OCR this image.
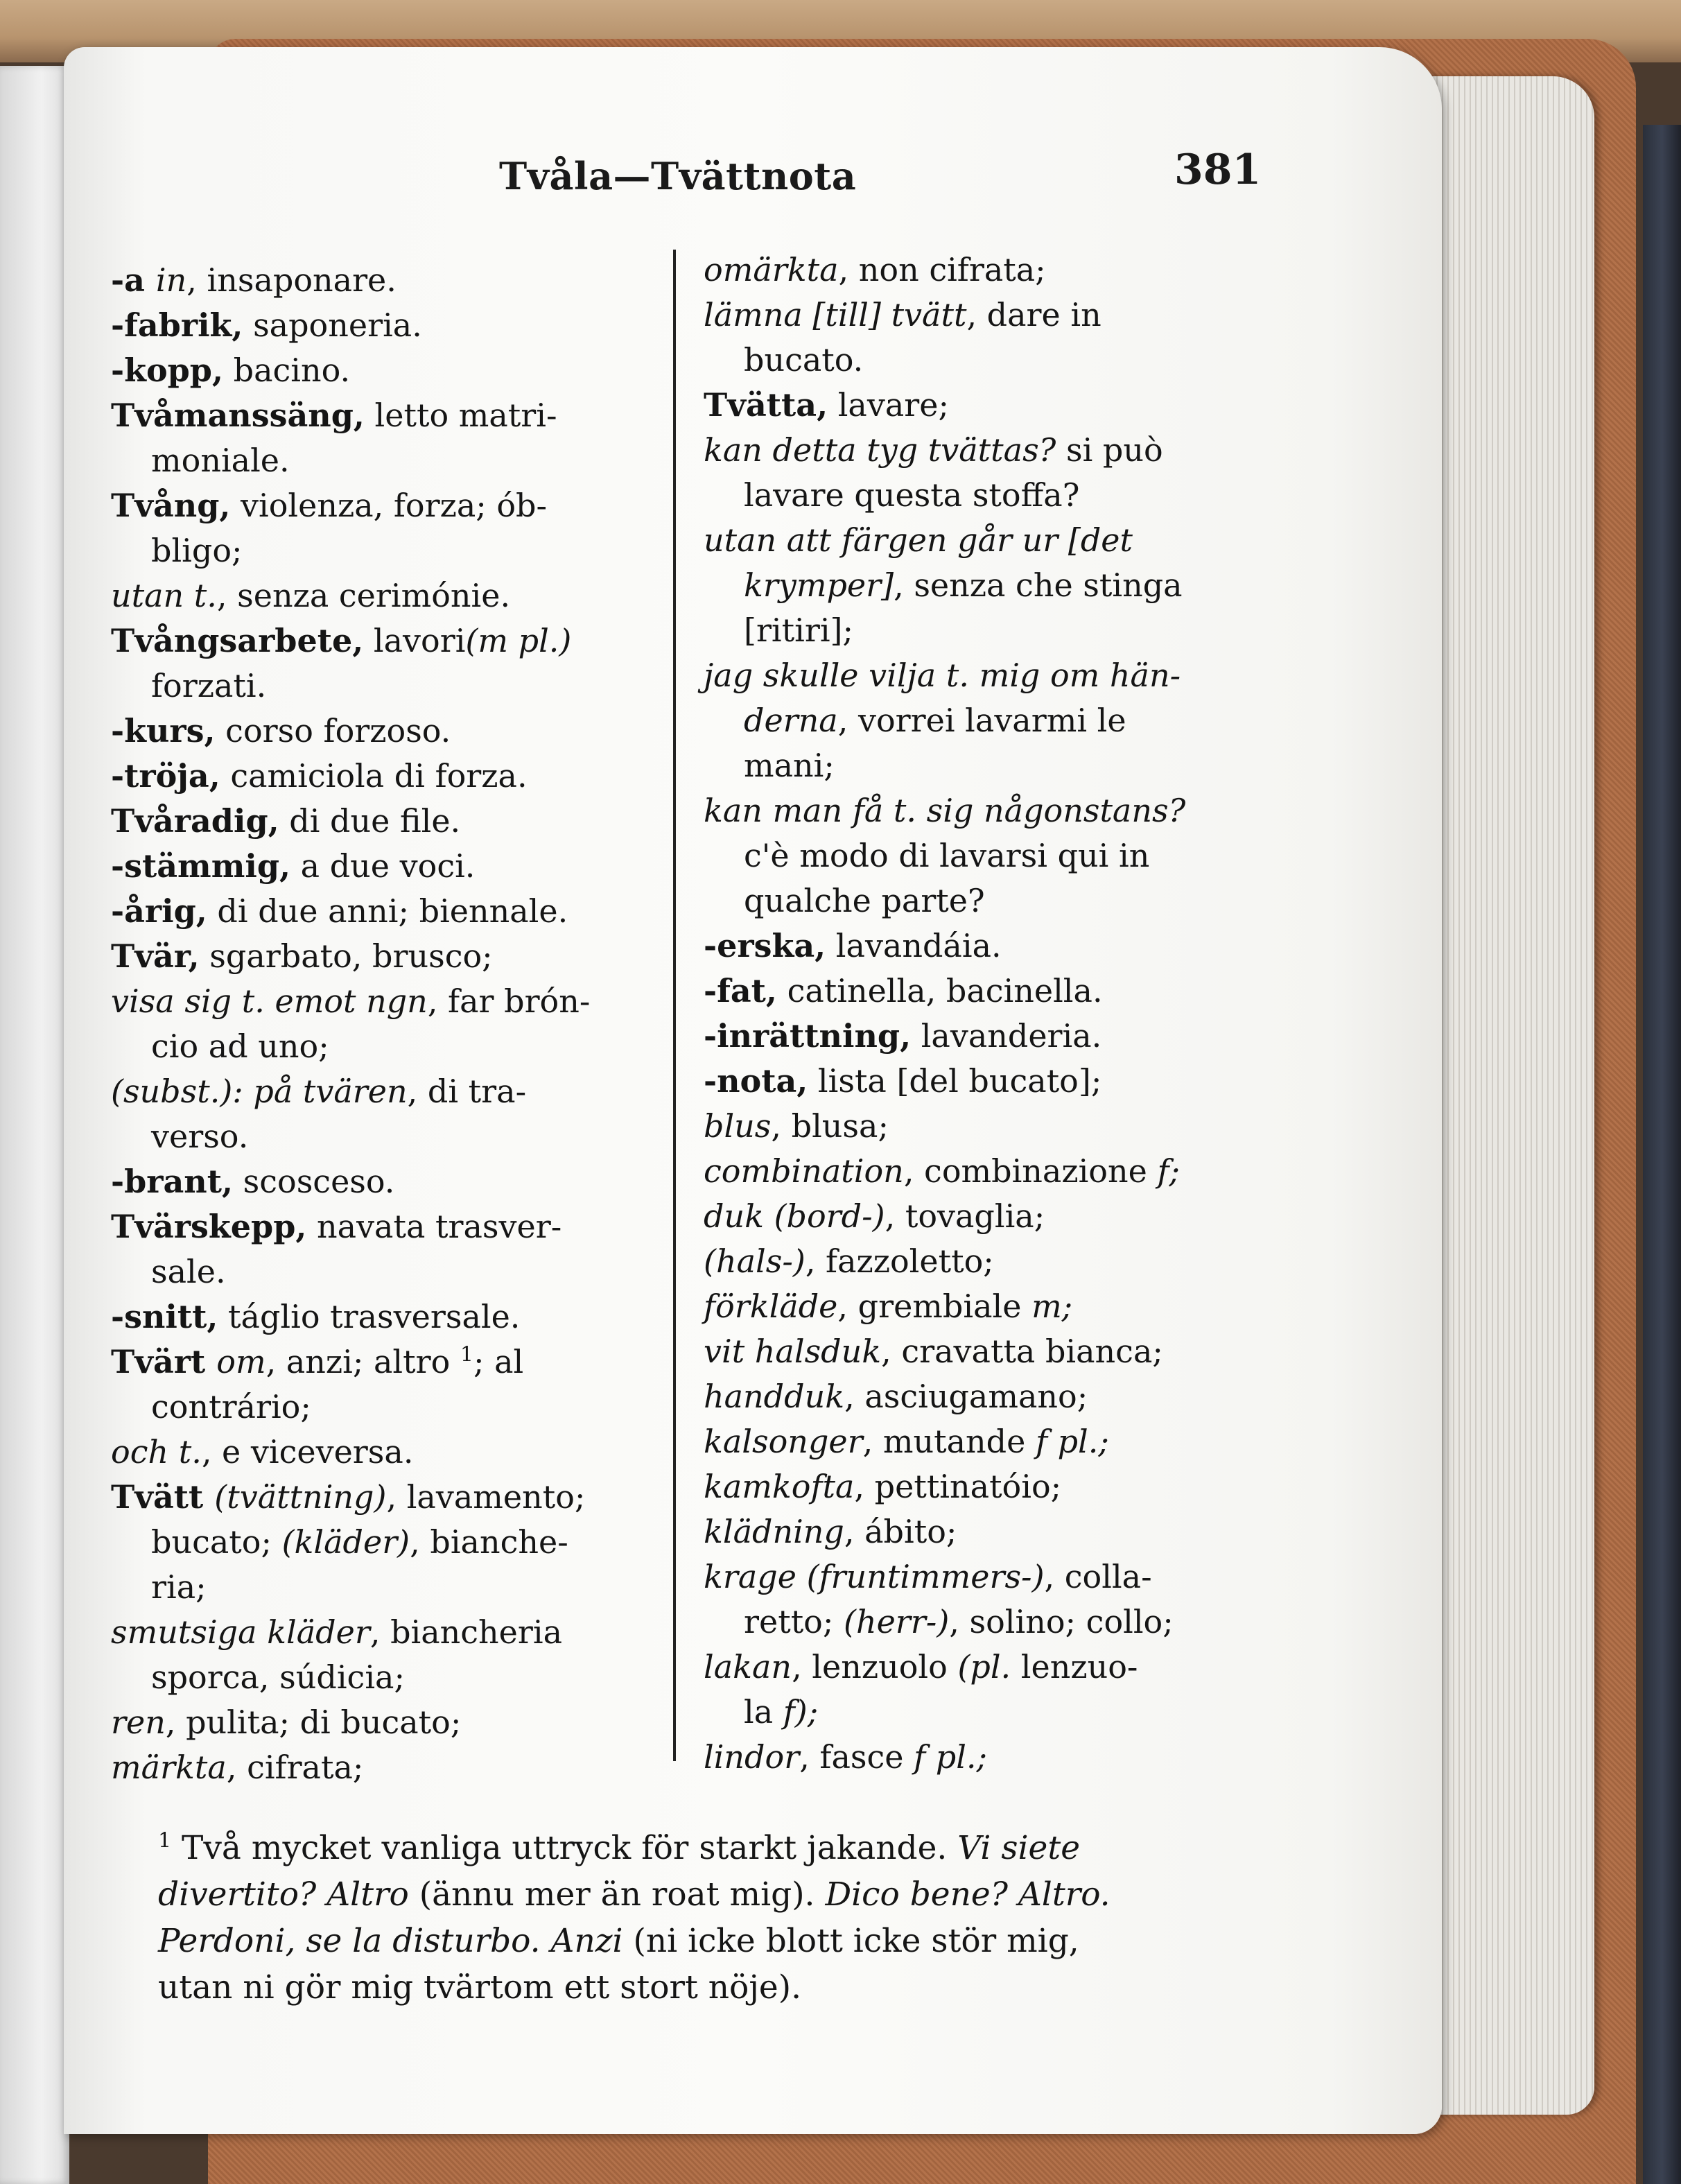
Tvåla—Tvättnota	381
-a in, insaponare.
-fabrik, saponeria.
-kopp, bacino.
Tvåmanssäng, letto matri-
moniale.
Tvång, violenza, forza; ób-
bligo;
utan t., senza cerimónie.
Tvångsarbete, lavori(m pl.)
forzati.
-kurs, corso forzoso.
-tröja, camiciola di forza.
Tvåradig, di due file.
-stämmig, a due voci.
-årig, di due anni; biennale.
Tvär, sgarbato, brusco;
visa sig t. emot ngn, far brón-
cio ad uno;
(subst.): på tvären, di tra-
verso.
-brant, scosceso.
Tvärskepp, navata trasver-
sale.
-snitt, táglio trasversale.
Tvärt om, anzi; altro $^1$; al
contrário;
och t., e viceversa.
Tvätt (tvättning), lavamento;
bucato; (kläder), bianche-
ria;
smutsiga kläder, biancheria
sporca, súdicia;
ren, pulita; di bucato;
märkta, cifrata;
omärkta, non cifrata;
lämna [till] tvätt, dare in
bucato.
Tvätta, lavare;
kan detta tyg tvättas? si può
lavare questa stoffa?
utan att färgen går ur [det
krymper], senza che stinga
[ritiri];
jag skulle vilja t. mig om hän-
derna, vorrei lavarmi le
mani;
kan man få t. sig någonstans?
c'è modo di lavarsi qui in
qualche parte?
-erska, lavandáia.
-fat, catinella, bacinella.
-inrättning, lavanderia.
-nota, lista [del bucato];
blus, blusa;
combination, combinazione f;
duk (bord-), tovaglia;
(hals-), fazzoletto;
förkläde, grembiale m;
vit halsduk, cravatta bianca;
handduk, asciugamano;
kalsonger, mutande f pl.;
kamkofta, pettinatóio;
klädning, ábito;
krage (fruntimmers-), colla-
retto; (herr-), solino; collo;
lakan, lenzuolo (pl. lenzuo-
la f);
lindor, fasce f pl.;
$^1$ Två mycket vanliga uttryck för starkt jakande. Vi siete
divertito? Altro (ännu mer än roat mig). Dico bene? Altro.
Perdoni, se la disturbo. Anzi (ni icke blott icke stör mig,
utan ni gör mig tvärtom ett stort nöje).
